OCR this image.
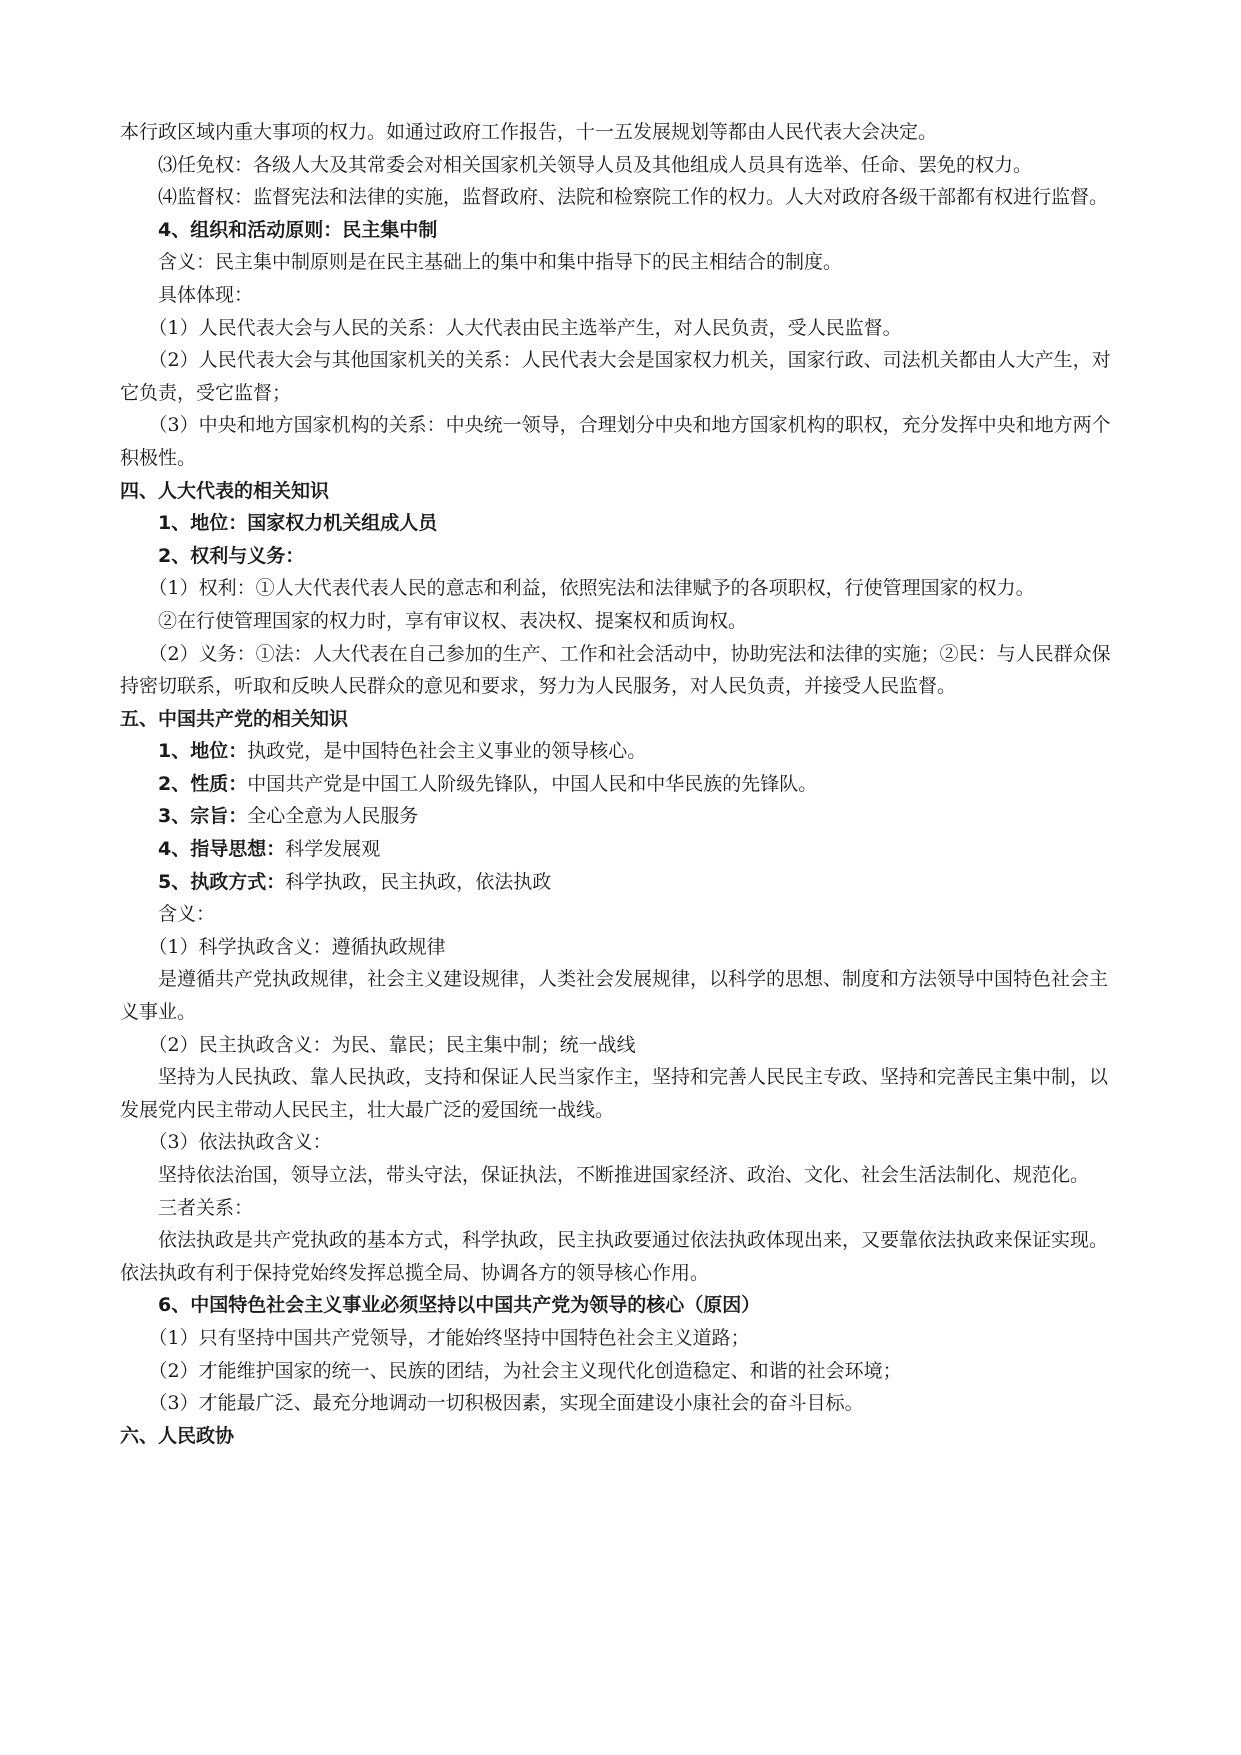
本行政区域内重大事项的权力。如通过政府工作报告，十一五发展规划等都由人民代表大会决定。

⑶任免权：各级人大及其常委会对相关国家机关领导人员及其他组成人员具有选举、任命、罢免的权力。

⑷监督权：监督宪法和法律的实施，监督政府、法院和检察院工作的权力。人大对政府各级干部都有权进行监督。

4、组织和活动原则：民主集中制

含义：民主集中制原则是在民主基础上的集中和集中指导下的民主相结合的制度。

具体体现：

（1）人民代表大会与人民的关系：人大代表由民主选举产生，对人民负责，受人民监督。

（2）人民代表大会与其他国家机关的关系：人民代表大会是国家权力机关，国家行政、司法机关都由人大产生，对它负责，受它监督；

（3）中央和地方国家机构的关系：中央统一领导，合理划分中央和地方国家机构的职权，充分发挥中央和地方两个积极性。

四、人大代表的相关知识

1、地位：国家权力机关组成人员

2、权利与义务：

（1）权利：①人大代表代表人民的意志和利益，依照宪法和法律赋予的各项职权，行使管理国家的权力。

②在行使管理国家的权力时，享有审议权、表决权、提案权和质询权。

（2）义务：①法：人大代表在自己参加的生产、工作和社会活动中，协助宪法和法律的实施；②民：与人民群众保持密切联系，听取和反映人民群众的意见和要求，努力为人民服务，对人民负责，并接受人民监督。

五、中国共产党的相关知识

1、地位：执政党，是中国特色社会主义事业的领导核心。

2、性质：中国共产党是中国工人阶级先锋队，中国人民和中华民族的先锋队。

3、宗旨：全心全意为人民服务

4、指导思想：科学发展观

5、执政方式：科学执政，民主执政，依法执政

含义：

（1）科学执政含义：遵循执政规律

是遵循共产党执政规律，社会主义建设规律，人类社会发展规律，以科学的思想、制度和方法领导中国特色社会主义事业。

（2）民主执政含义：为民、靠民；民主集中制；统一战线

坚持为人民执政、靠人民执政，支持和保证人民当家作主，坚持和完善人民民主专政、坚持和完善民主集中制，以发展党内民主带动人民民主，壮大最广泛的爱国统一战线。

（3）依法执政含义：

坚持依法治国，领导立法，带头守法，保证执法，不断推进国家经济、政治、文化、社会生活法制化、规范化。

三者关系：

依法执政是共产党执政的基本方式，科学执政，民主执政要通过依法执政体现出来，又要靠依法执政来保证实现。依法执政有利于保持党始终发挥总揽全局、协调各方的领导核心作用。

6、中国特色社会主义事业必须坚持以中国共产党为领导的核心（原因）

（1）只有坚持中国共产党领导，才能始终坚持中国特色社会主义道路；

（2）才能维护国家的统一、民族的团结，为社会主义现代化创造稳定、和谐的社会环境；

（3）才能最广泛、最充分地调动一切积极因素，实现全面建设小康社会的奋斗目标。

六、人民政协
